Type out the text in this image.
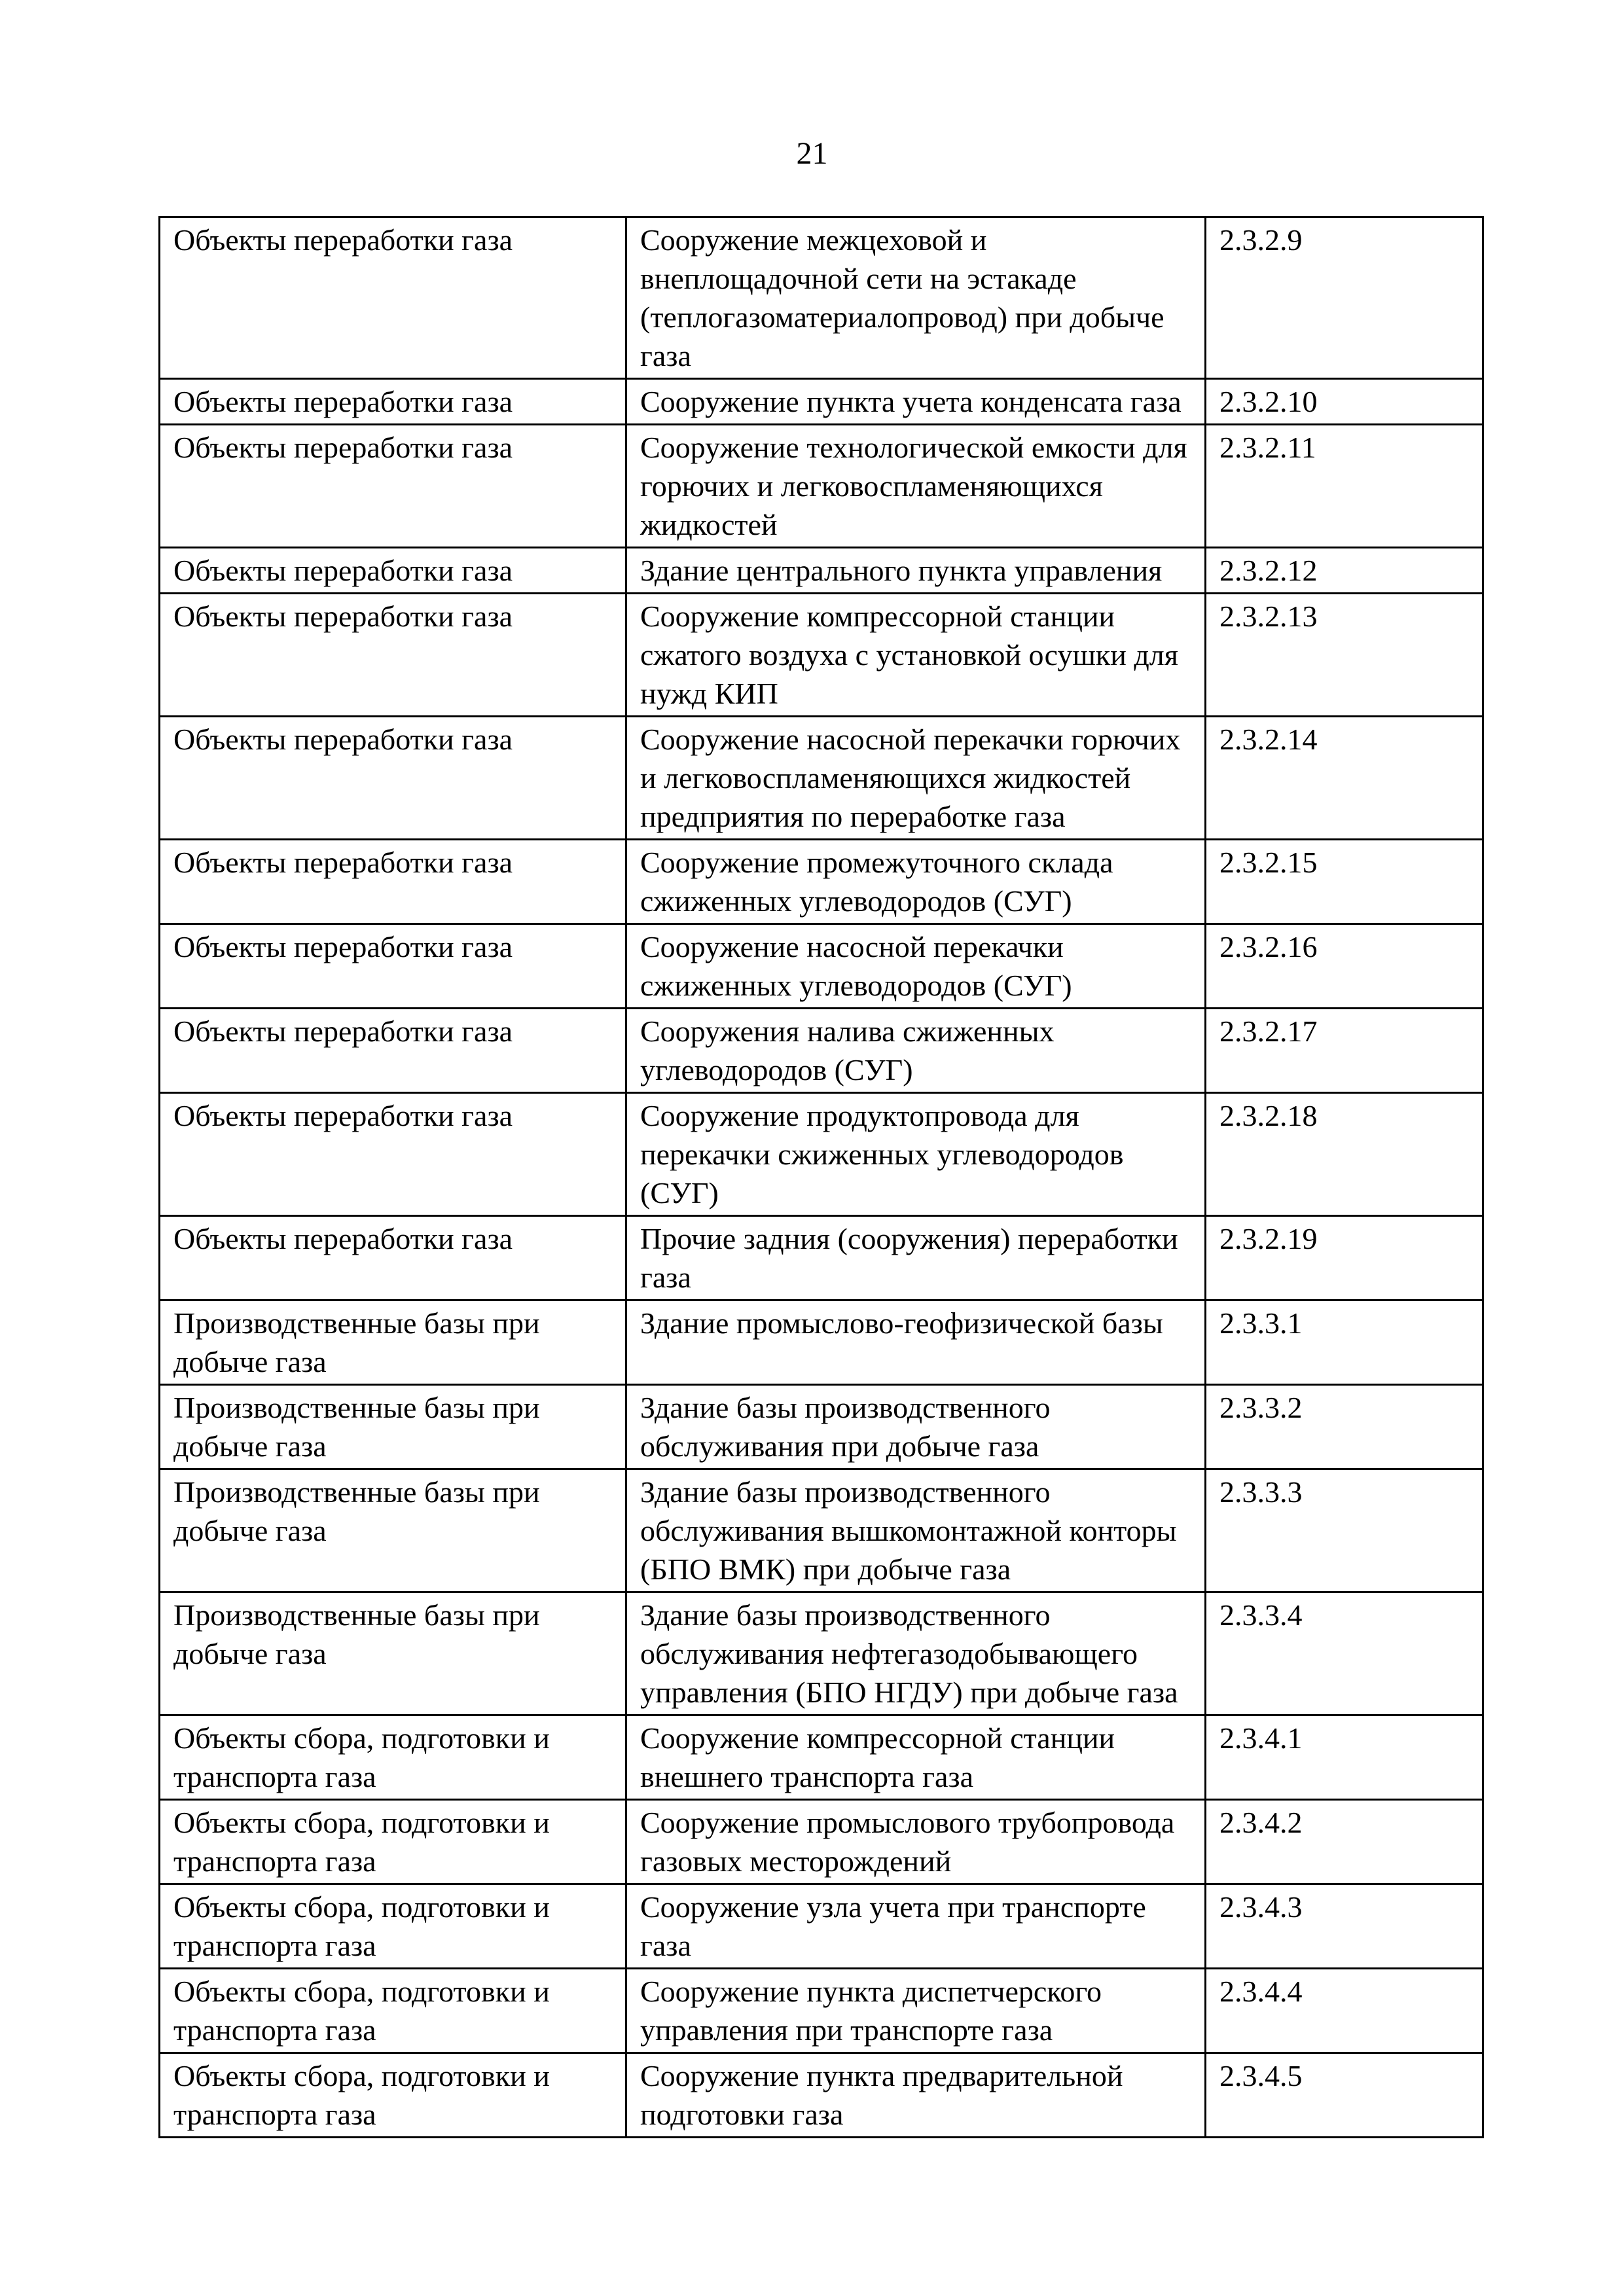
21
Объекты переработки газа	Сооружение межцеховой и внеплощадочной сети на эстакаде (теплогазоматериалопровод) при добыче газа	2.3.2.9
Объекты переработки газа	Сооружение пункта учета конденсата газа	2.3.2.10
Объекты переработки газа	Сооружение технологической емкости для горючих и легковоспламеняющихся жидкостей	2.3.2.11
Объекты переработки газа	Здание центрального пункта управления	2.3.2.12
Объекты переработки газа	Сооружение компрессорной станции сжатого воздуха с установкой осушки для нужд КИП	2.3.2.13
Объекты переработки газа	Сооружение насосной перекачки горючих и легковоспламеняющихся жидкостей предприятия по переработке газа	2.3.2.14
Объекты переработки газа	Сооружение промежуточного склада сжиженных углеводородов (СУГ)	2.3.2.15
Объекты переработки газа	Сооружение насосной перекачки сжиженных углеводородов (СУГ)	2.3.2.16
Объекты переработки газа	Сооружения налива сжиженных углеводородов (СУГ)	2.3.2.17
Объекты переработки газа	Сооружение продуктопровода для перекачки сжиженных углеводородов (СУГ)	2.3.2.18
Объекты переработки газа	Прочие задния (сооружения) переработки газа	2.3.2.19
Производственные базы при добыче газа	Здание промыслово-геофизической базы	2.3.3.1
Производственные базы при добыче газа	Здание базы производственного обслуживания при добыче газа	2.3.3.2
Производственные базы при добыче газа	Здание базы производственного обслуживания вышкомонтажной конторы (БПО ВМК) при добыче газа	2.3.3.3
Производственные базы при добыче газа	Здание базы производственного обслуживания нефтегазодобывающего управления (БПО НГДУ) при добыче газа	2.3.3.4
Объекты сбора, подготовки и транспорта газа	Сооружение компрессорной станции внешнего транспорта газа	2.3.4.1
Объекты сбора, подготовки и транспорта газа	Сооружение промыслового трубопровода газовых месторождений	2.3.4.2
Объекты сбора, подготовки и транспорта газа	Сооружение узла учета при транспорте газа	2.3.4.3
Объекты сбора, подготовки и транспорта газа	Сооружение пункта диспетчерского управления при транспорте газа	2.3.4.4
Объекты сбора, подготовки и транспорта газа	Сооружение пункта предварительной подготовки газа	2.3.4.5
